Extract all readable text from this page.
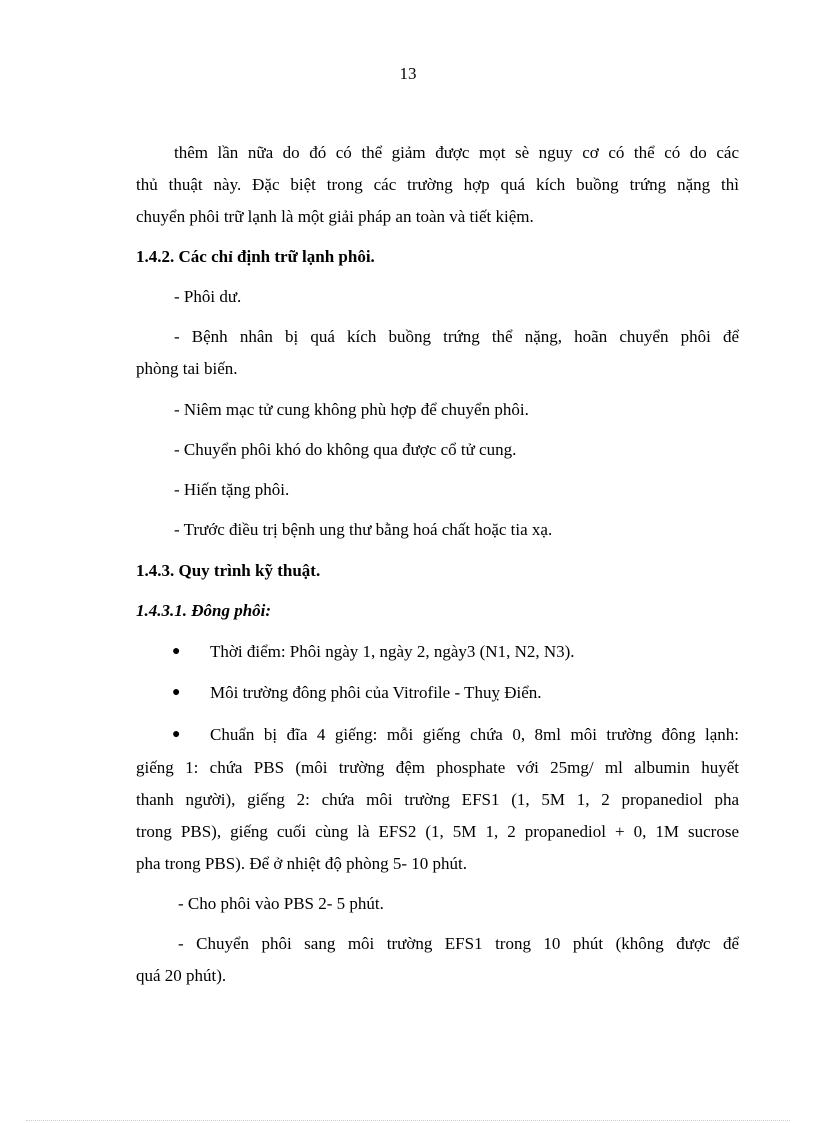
13
thêm lần nữa do đó có thể giảm được mọt sè nguy cơ có thể có do các
thủ thuật này. Đặc biệt trong các trường hợp quá kích buồng trứng nặng thì
chuyển phôi trữ lạnh là một giải pháp an toàn và tiết kiệm.
1.4.2. Các chỉ định trữ lạnh phôi.
- Phôi dư.
- Bệnh nhân bị quá kích buồng trứng thể nặng, hoãn chuyển phôi để
phòng tai biến.
- Niêm mạc tử cung không phù hợp để chuyển phôi.
- Chuyển phôi khó do không qua được cổ tử cung.
- Hiến tặng phôi.
- Trước điều trị bệnh ung thư bằng hoá chất hoặc tia xạ.
1.4.3. Quy trình kỹ thuật.
1.4.3.1. Đông phôi:
● Thời điểm: Phôi ngày 1, ngày 2, ngày3 (N1, N2, N3).
● Môi trường đông phôi của Vitrofile - Thuỵ Điển.
● Chuẩn bị đĩa 4 giếng: mỗi giếng chứa 0, 8ml môi trường đông lạnh:
giếng 1: chứa PBS (môi trường đệm phosphate với 25mg/ ml albumin huyết
thanh người), giếng 2: chứa môi trường EFS1 (1, 5M 1, 2 propanediol pha
trong PBS), giếng cuối cùng là EFS2 (1, 5M 1, 2 propanediol + 0, 1M sucrose
pha trong PBS). Để ở nhiệt độ phòng 5- 10 phút.
- Cho phôi vào PBS 2- 5 phút.
- Chuyển phôi sang môi trường EFS1 trong 10 phút (không được để
quá 20 phút).
